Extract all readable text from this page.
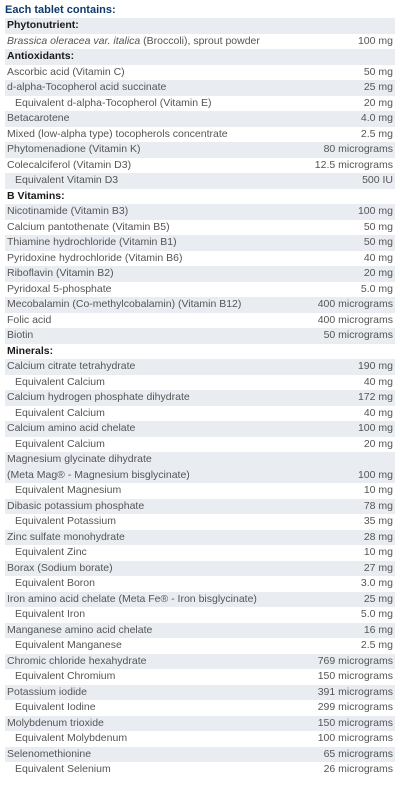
Each tablet contains:
Phytonutrient:
Brassica oleracea var. italica (Broccoli), sprout powder	100 mg
Antioxidants:
Ascorbic acid (Vitamin C)	50 mg
d-alpha-Tocopherol acid succinate	25 mg
Equivalent d-alpha-Tocopherol (Vitamin E)	20 mg
Betacarotene	4.0 mg
Mixed (low-alpha type) tocopherols concentrate	2.5 mg
Phytomenadione (Vitamin K)	80 micrograms
Colecalciferol (Vitamin D3)	12.5 micrograms
Equivalent Vitamin D3	500 IU
B Vitamins:
Nicotinamide (Vitamin B3)	100 mg
Calcium pantothenate (Vitamin B5)	50 mg
Thiamine hydrochloride (Vitamin B1)	50 mg
Pyridoxine hydrochloride (Vitamin B6)	40 mg
Riboflavin (Vitamin B2)	20 mg
Pyridoxal 5-phosphate	5.0 mg
Mecobalamin (Co-methylcobalamin) (Vitamin B12)	400 micrograms
Folic acid	400 micrograms
Biotin	50 micrograms
Minerals:
Calcium citrate tetrahydrate	190 mg
Equivalent Calcium	40 mg
Calcium hydrogen phosphate dihydrate	172 mg
Equivalent Calcium	40 mg
Calcium amino acid chelate	100 mg
Equivalent Calcium	20 mg
Magnesium glycinate dihydrate
(Meta Mag® - Magnesium bisglycinate)	100 mg
Equivalent Magnesium	10 mg
Dibasic potassium phosphate	78 mg
Equivalent Potassium	35 mg
Zinc sulfate monohydrate	28 mg
Equivalent Zinc	10 mg
Borax (Sodium borate)	27 mg
Equivalent Boron	3.0 mg
Iron amino acid chelate (Meta Fe® - Iron bisglycinate)	25 mg
Equivalent Iron	5.0 mg
Manganese amino acid chelate	16 mg
Equivalent Manganese	2.5 mg
Chromic chloride hexahydrate	769 micrograms
Equivalent Chromium	150 micrograms
Potassium iodide	391 micrograms
Equivalent Iodine	299 micrograms
Molybdenum trioxide	150 micrograms
Equivalent Molybdenum	100 micrograms
Selenomethionine	65 micrograms
Equivalent Selenium	26 micrograms
